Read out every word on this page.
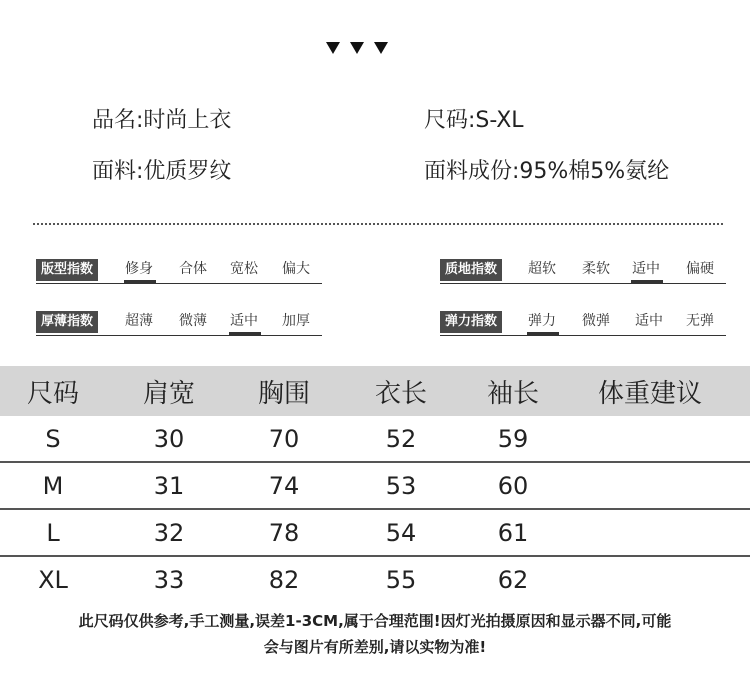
品名:时尚上衣	尺码:S-XL
面料:优质罗纹	面料成份:95%棉5%氨纶
版型指数	修身 合体 宽松 偏大	质地指数	超软 柔软 适中 偏硬
厚薄指数	超薄 微薄 适中 加厚	弹力指数	弹力 微弹 适中 无弹
尺码	肩宽	胸围	衣长	袖长	体重建议
S	30	70	52	59
M	31	74	53	60
L	32	78	54	61
XL	33	82	55	62
此尺码仅供参考,手工测量,误差1-3CM,属于合理范围!因灯光拍摄原因和显示器不同,可能
会与图片有所差别,请以实物为准!
